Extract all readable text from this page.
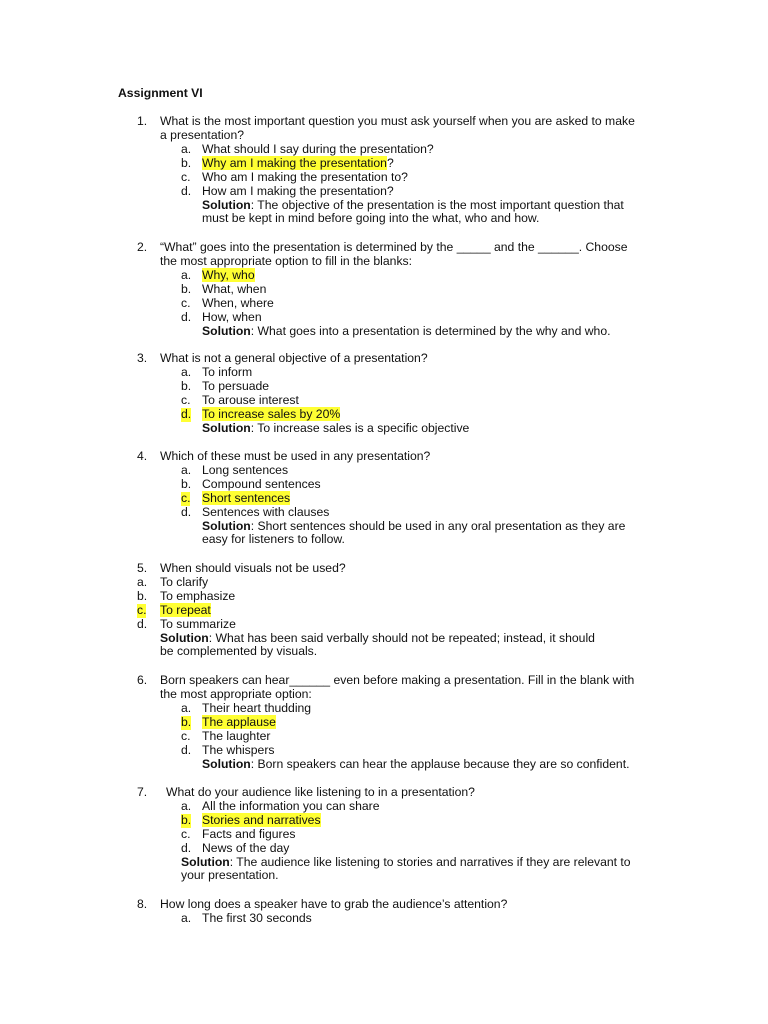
Assignment VI
1. What is the most important question you must ask yourself when you are asked to make a presentation?
a. What should I say during the presentation?
b. Why am I making the presentation?
c. Who am I making the presentation to?
d. How am I making the presentation?
Solution: The objective of the presentation is the most important question that must be kept in mind before going into the what, who and how.
2. “What” goes into the presentation is determined by the _____ and the ______. Choose the most appropriate option to fill in the blanks:
a. Why, who
b. What, when
c. When, where
d. How, when
Solution: What goes into a presentation is determined by the why and who.
3. What is not a general objective of a presentation?
a. To inform
b. To persuade
c. To arouse interest
d. To increase sales by 20%
Solution: To increase sales is a specific objective
4. Which of these must be used in any presentation?
a. Long sentences
b. Compound sentences
c. Short sentences
d. Sentences with clauses
Solution: Short sentences should be used in any oral presentation as they are easy for listeners to follow.
5. When should visuals not be used?
a. To clarify
b. To emphasize
c. To repeat
d. To summarize
Solution: What has been said verbally should not be repeated; instead, it should be complemented by visuals.
6. Born speakers can hear______ even before making a presentation. Fill in the blank with the most appropriate option:
a. Their heart thudding
b. The applause
c. The laughter
d. The whispers
Solution: Born speakers can hear the applause because they are so confident.
7. What do your audience like listening to in a presentation?
a. All the information you can share
b. Stories and narratives
c. Facts and figures
d. News of the day
Solution: The audience like listening to stories and narratives if they are relevant to your presentation.
8. How long does a speaker have to grab the audience’s attention?
a. The first 30 seconds
